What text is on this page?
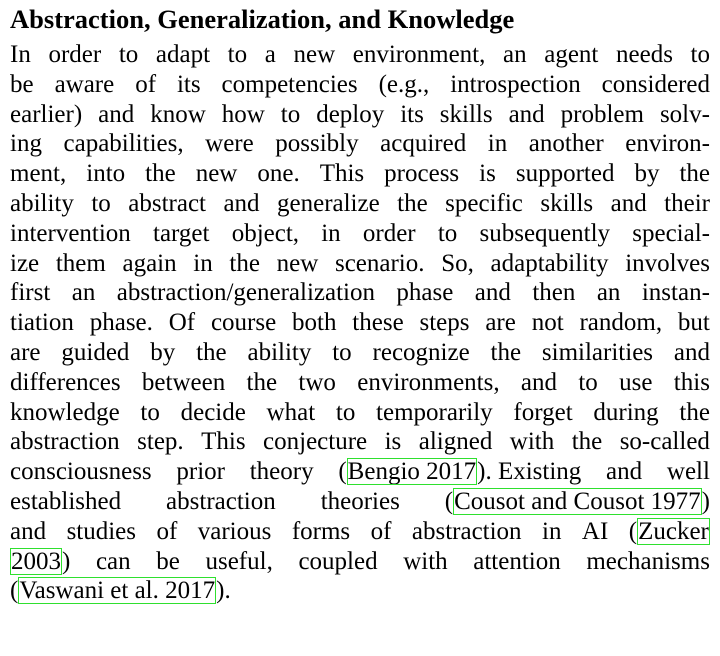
Abstraction, Generalization, and Knowledge
In order to adapt to a new environment, an agent needs to
be aware of its competencies (e.g., introspection considered
earlier) and know how to deploy its skills and problem solv-
ing capabilities, were possibly acquired in another environ-
ment, into the new one. This process is supported by the
ability to abstract and generalize the specific skills and their
intervention target object, in order to subsequently special-
ize them again in the new scenario. So, adaptability involves
first an abstraction/generalization phase and then an instan-
tiation phase. Of course both these steps are not random, but
are guided by the ability to recognize the similarities and
differences between the two environments, and to use this
knowledge to decide what to temporarily forget during the
abstraction step. This conjecture is aligned with the so-called
consciousness prior theory (Bengio 2017). Existing and well
established abstraction theories (Cousot and Cousot 1977)
and studies of various forms of abstraction in AI (Zucker
2003) can be useful, coupled with attention mechanisms
(Vaswani et al. 2017).
